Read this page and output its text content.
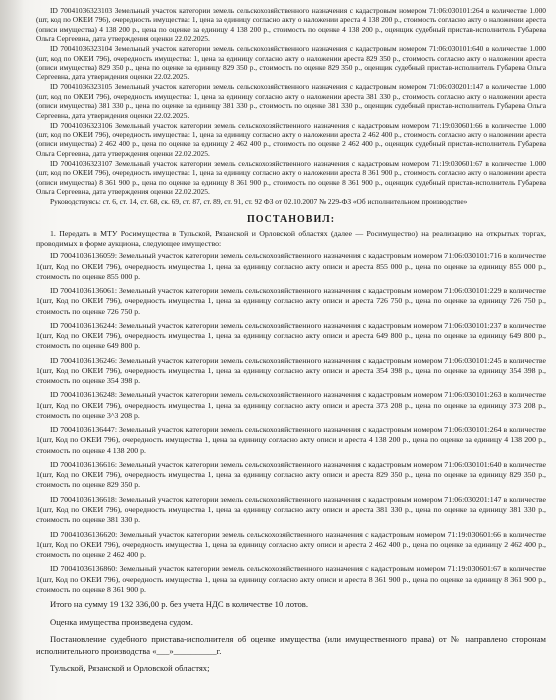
ID 70041036323103 Земельный участок категории земель сельскохозяйственного назначения с кадастровым номером 71:06:030101:264 в количестве 1.000 (шт, код по ОКЕИ 796), очередность имущества: 1, цена за единицу согласно акту о наложении ареста 4 138 200 р., стоимость согласно акту о наложении ареста (описи имущества) 4 138 200 р., цена по оценке за единицу 4 138 200 р., стоимость по оценке 4 138 200 р., оценщик судебный пристав-исполнитель Губарева Ольга Сергеевна, дата утверждения оценки 22.02.2025.

ID 70041036323104 Земельный участок категории земель сельскохозяйственного назначения с кадастровым номером 71:06:030101:640 в количестве 1.000 (шт, код по ОКЕИ 796), очередность имущества: 1, цена за единицу согласно акту о наложении ареста 829 350 р., стоимость согласно акту о наложении ареста (описи имущества) 829 350 р., цена по оценке за единицу 829 350 р., стоимость по оценке 829 350 р., оценщик судебный пристав-исполнитель Губарева Ольга Сергеевна, дата утверждения оценки 22.02.2025.

ID 70041036323105 Земельный участок категории земель сельскохозяйственного назначения с кадастровым номером 71:06:030201:147 в количестве 1.000 (шт, код по ОКЕИ 796), очередность имущества: 1, цена за единицу согласно акту о наложении ареста 381 330 р., стоимость согласно акту о наложении ареста (описи имущества) 381 330 р., цена по оценке за единицу 381 330 р., стоимость по оценке 381 330 р., оценщик судебный пристав-исполнитель Губарева Ольга Сергеевна, дата утверждения оценки 22.02.2025.

ID 70041036323106 Земельный участок категории земель сельскохозяйственного назначения с кадастровым номером 71:19:030601:66 в количестве 1.000 (шт, код по ОКЕИ 796), очередность имущества: 1, цена за единицу согласно акту о наложении ареста 2 462 400 р., стоимость согласно акту о наложении ареста (описи имущества) 2 462 400 р., цена по оценке за единицу 2 462 400 р., стоимость по оценке 2 462 400 р., оценщик судебный пристав-исполнитель Губарева Ольга Сергеевна, дата утверждения оценки 22.02.2025.

ID 70041036323107 Земельный участок категории земель сельскохозяйственного назначения с кадастровым номером 71:19:030601:67 в количестве 1.000 (шт, код по ОКЕИ 796), очередность имущества: 1, цена за единицу согласно акту о наложении ареста 8 361 900 р., стоимость согласно акту о наложении ареста (описи имущества) 8 361 900 р., цена по оценке за единицу 8 361 900 р., стоимость по оценке 8 361 900 р., оценщик судебный пристав-исполнитель Губарева Ольга Сергеевна, дата утверждения оценки 22.02.2025.

Руководствуясь: ст. 6, ст. 14, ст. 68, ск. 69, ст. 87, ст. 89, ст. 91, ст. 92 ФЗ от 02.10.2007 № 229-ФЗ «Об исполнительном производстве»

ПОСТАНОВИЛ:

1. Передать в МТУ Росимущества в Тульской, Рязанской и Орловской областях (далее — Росимущество) на реализацию на открытых торгах, проводимых в форме аукциона, следующее имущество:

ID 70041036136059: Земельный участок категории земель сельскохозяйственного назначения с кадастровым номером 71:06:030101:716 в количестве 1(шт, Код по ОКЕИ 796), очередность имущества 1, цена за единицу согласно акту описи и ареста 855 000 р., цена по оценке за единицу 855 000 р., стоимость по оценке 855 000 р.

ID 70041036136061: Земельный участок категории земель сельскохозяйственного назначения с кадастровым номером 71:06:030101:229 в количестве 1(шт, Код по ОКЕИ 796), очередность имущества 1, цена за единицу согласно акту описи и ареста 726 750 р., цена по оценке за единицу 726 750 р., стоимость по оценке 726 750 р.

ID 70041036136244: Земельный участок категории земель сельскохозяйственного назначения с кадастровым номером 71:06:030101:237 в количестве 1(шт, Код по ОКЕИ 796), очередность имущества 1, цена за единицу согласно акту описи и ареста 649 800 р., цена по оценке за единицу 649 800 р., стоимость по оценке 649 800 р.

ID 70041036136246: Земельный участок категории земель сельскохозяйственного назначения с кадастровым номером 71:06:030101:245 в количестве 1(шт, Код по ОКЕИ 796), очередность имущества 1, цена за единицу согласно акту описи и ареста 354 398 р., цена по оценке за единицу 354 398 р., стоимость по оценке 354 398 р.

ID 70041036136248: Земельный участок категории земель сельскохозяйственного назначения с кадастровым номером 71:06:030101:263 в количестве 1(шт, Код по ОКЕИ 796), очередность имущества 1, цена за единицу согласно акту описи и ареста 373 208 р., цена по оценке за единицу 373 208 р., стоимость по оценке 3^3 208 р.

ID 70041036136447: Земельный участок категории земель сельскохозяйственного назначения с кадастровым номером 71:06:030101:264 в количестве 1(шт, Код по ОКЕИ 796), очередность имущества 1, цена за единицу согласно акту описи и ареста 4 138 200 р., цена по оценке за единицу 4 138 200 р., стоимость по оценке 4 138 200 р.

ID 70041036136616: Земельный участок категории земель сельскохозяйственного назначения с кадастровым номером 71:06:030101:640 в количестве 1(шт, Код по ОКЕИ 796), очередность имущества 1, цена за единицу согласно акту описи и ареста 829 350 р., цена по оценке за единицу 829 350 р., стоимость по оценке 829 350 р.

ID 70041036136618: Земельный участок категории земель сельскохозяйственного назначения с кадастровым номером 71:06:030201:147 в количестве 1(шт, Код по ОКЕИ 796), очередность имущества 1, цена за единицу согласно акту описи и ареста 381 330 р., цена по оценке за единицу 381 330 р., стоимость по оценке 381 330 р.

ID 70041036136620: Земельный участок категории земель сельскохозяйственного назначения с кадастровым номером 71:19:030601:66 в количестве 1(шт, Код по ОКЕИ 796), очередность имущества 1, цена за единицу согласно акту описи и ареста 2 462 400 р., цена по оценке за единицу 2 462 400 р., стоимость по оценке 2 462 400 р.

ID 70041036136860: Земельный участок категории земель сельскохозяйственного назначения с кадастровым номером 71:19:030601:67 в количестве 1(шт, Код по ОКЕИ 796), очередность имущества 1, цена за единицу согласно акту описи и ареста 8 361 900 р., цена по оценке за единицу 8 361 900 р., стоимость по оценке 8 361 900 р.

Итого на сумму 19 132 336,00 р. без учета НДС в количестве 10 лотов.

Оценка имущества произведена судом.

Постановление судебного пристава-исполнителя об оценке имущества (или имущественного права) от № направлено сторонам исполнительного производства «___»__________г.

Тульской, Рязанской и Орловской областях;
